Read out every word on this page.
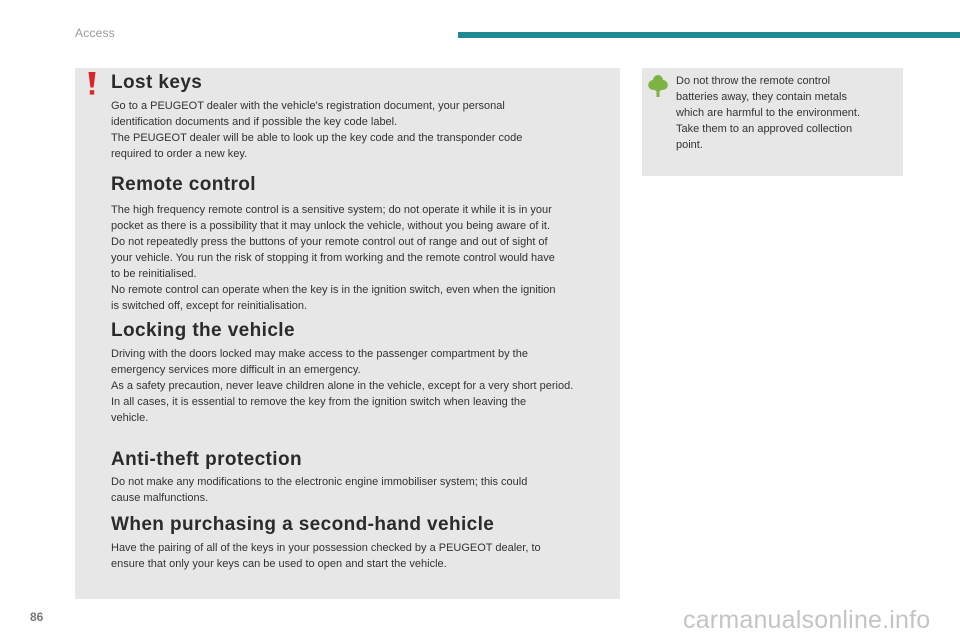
Access
Lost keys
Go to a PEUGEOT dealer with the vehicle's registration document, your personal
identification documents and if possible the key code label.
The PEUGEOT dealer will be able to look up the key code and the transponder code
required to order a new key.
Remote control
The high frequency remote control is a sensitive system; do not operate it while it is in your
pocket as there is a possibility that it may unlock the vehicle, without you being aware of it.
Do not repeatedly press the buttons of your remote control out of range and out of sight of
your vehicle. You run the risk of stopping it from working and the remote control would have
to be reinitialised.
No remote control can operate when the key is in the ignition switch, even when the ignition
is switched off, except for reinitialisation.
Locking the vehicle
Driving with the doors locked may make access to the passenger compartment by the
emergency services more difficult in an emergency.
As a safety precaution, never leave children alone in the vehicle, except for a very short period.
In all cases, it is essential to remove the key from the ignition switch when leaving the
vehicle.
Anti-theft protection
Do not make any modifications to the electronic engine immobiliser system; this could
cause malfunctions.
When purchasing a second-hand vehicle
Have the pairing of all of the keys in your possession checked by a PEUGEOT dealer, to
ensure that only your keys can be used to open and start the vehicle.
Do not throw the remote control
batteries away, they contain metals
which are harmful to the environment.
Take them to an approved collection
point.
86	carmanualsonline.info
